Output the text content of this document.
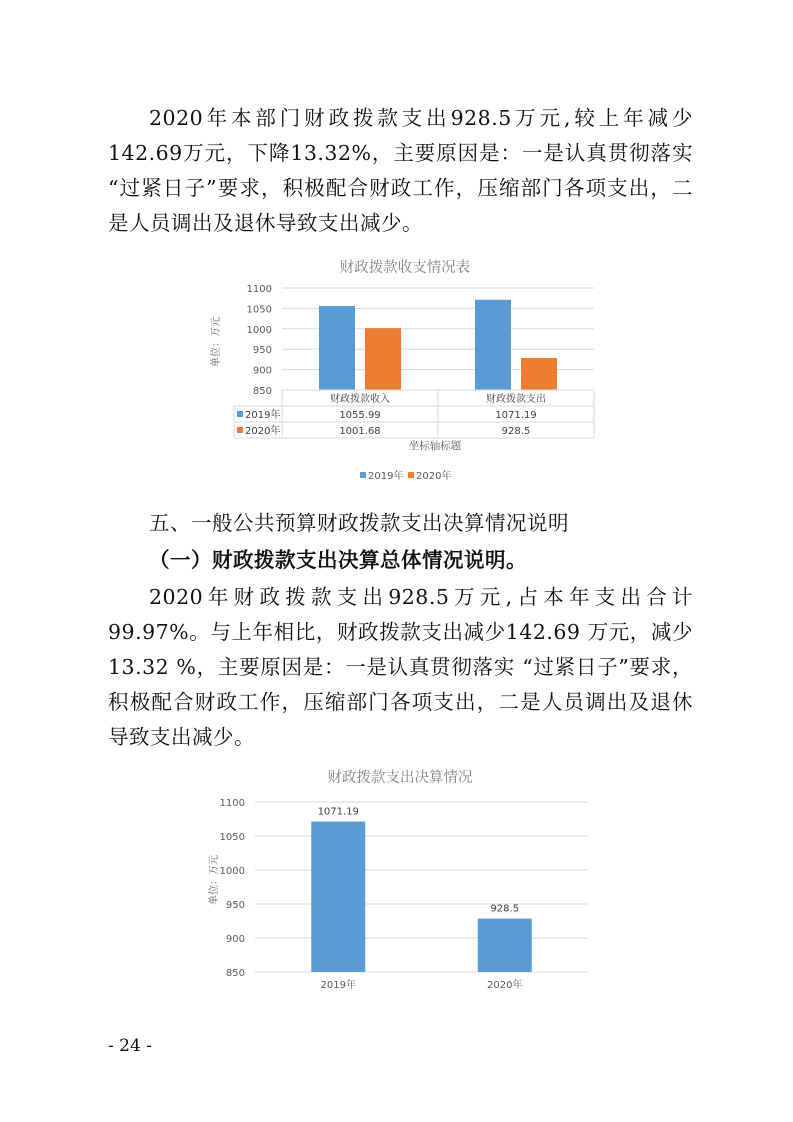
2020年本部门财政拨款支出928.5万元,较上年减少142.69万元，下降13.32%，主要原因是：一是认真贯彻落实 “过紧日子”要求，积极配合财政工作，压缩部门各项支出，二是人员调出及退休导致支出减少。

财政拨款收支情况表
单位：万元
850
900
950
1000
1050
1100
财政拨款收入	财政拨款支出
2019年	1055.99	1071.19
2020年	1001.68	928.5
坐标轴标题
2019年 2020年

五、一般公共预算财政拨款支出决算情况说明

（一）财政拨款支出决算总体情况说明。

2020年财政拨款支出928.5万元,占本年支出合计99.97%。与上年相比，财政拨款支出减少142.69 万元，减少13.32 %，主要原因是：一是认真贯彻落实 “过紧日子”要求，积极配合财政工作，压缩部门各项支出，二是人员调出及退休导致支出减少。

财政拨款支出决算情况
单位：万元
850
900
950
1000
1050
1100
1071.19
928.5
2019年	2020年
- 24 -
